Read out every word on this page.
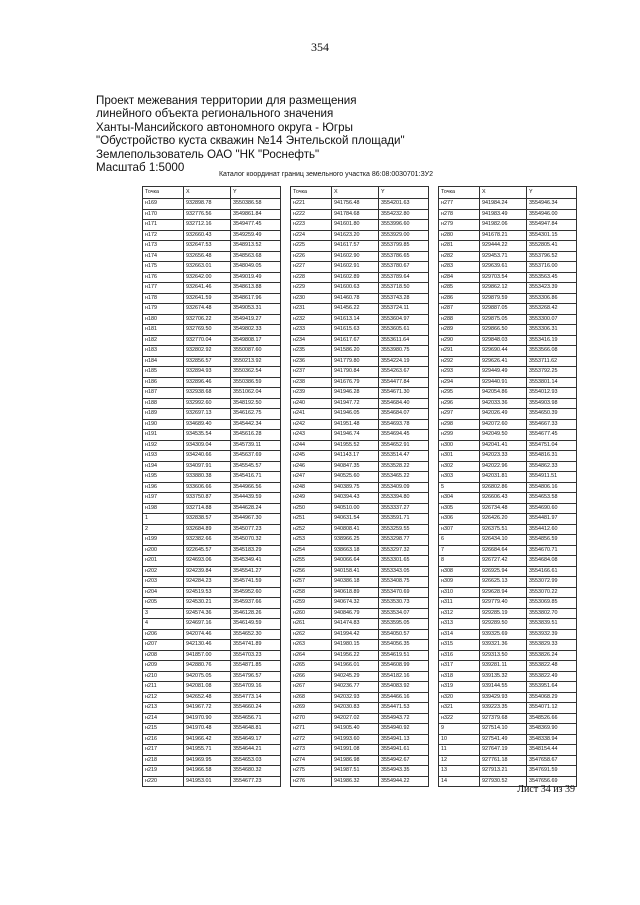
354
Проект межевания территории для размещения
линейного объекта регионального значения
Ханты-Мансийского автономного округа - Югры
"Обустройство куста скважин №14 Энтельской площади"
Землепользователь ОАО "НК "Роснефть"
Масштаб 1:5000
Каталог координат границ земельного участка 86:08:0030701:ЗУ2
Точка	X	Y
н169	932898.78	3550386.58
н170	932776.56	3549861.84
н171	932712.16	3549477.45
н172	932660.43	3549259.49
н173	932647.53	3548913.52
н174	932656.48	3548563.68
н175	932663.01	3548049.05
н176	932642.00	3549019.49
н177	932641.46	3548613.88
н178	932641.59	3548617.96
н179	932674.48	3549053.31
н180	932706.22	3549419.27
н181	932769.50	3549802.33
н182	932770.04	3549808.17
н183	932802.92	3550087.60
н184	932856.57	3550213.92
н185	932894.93	3550362.54
н186	932896.46	3550386.59
н187	932938.68	3551062.04
н188	932992.60	3548192.50
н189	932697.13	3546162.75
н190	934689.40	3545442.34
н191	934535.54	3545616.28
н192	934309.04	3545739.11
н193	934240.66	3545637.69
н194	934097.91	3545545.57
н195	933880.38	3545416.71
н196	933606.66	3544966.56
н197	933750.87	3544439.59
н198	932714.88	3544628.24
1	932838.57	3544967.30
2	932684.89	3545077.23
н199	932382.66	3545070.32
н200	922645.57	3545183.29
н201	924693.06	3545349.41
н202	924239.84	3545541.27
н203	924284.23	3545741.59
н204	924519.53	3545952.60
н205	924530.21	3545937.66
3	924574.36	3546128.26
4	924697.16	3546149.59
н206	942074.46	3554652.30
н207	942130.46	3554741.89
н208	941857.00	3554703.23
н209	942880.76	3554871.85
н210	942075.05	3554796.57
н211	942081.08	3554709.16
н212	942652.48	3554773.14
н213	941967.72	3554660.24
н214	941970.90	3554656.71
н215	941970.48	3554648.81
н216	941966.42	3554649.17
н217	941955.71	3554644.21
н218	941969.95	3554653.03
н219	941966.58	3554680.32
н220	941953.01	3554677.23
Точка	X	Y
н221	941756.48	3554201.63
н222	941784.68	3554232.80
н223	941601.80	3553996.60
н224	941623.20	3553929.00
н225	941617.57	3553799.85
н226	941602.90	3553786.65
н227	941602.91	3553780.67
н228	941602.89	3553789.64
н229	941600.63	3553718.50
н230	941460.78	3553743.28
н231	941456.22	3553724.11
н232	941613.14	3553604.97
н233	941615.63	3553605.61
н234	941617.67	3553611.64
н235	941586.20	3553980.75
н236	941779.80	3554224.19
н237	941790.84	3554263.67
н238	941676.79	3554477.84
н239	941946.28	3554671.30
н240	941947.72	3554684.40
н241	941946.05	3554684.07
н242	941951.48	3554693.78
н243	941946.74	3554694.45
н244	941955.52	3554652.91
н245	941143.17	3553514.47
н246	940847.35	3553528.22
н247	940525.60	3553465.22
н248	940389.75	3553409.09
н249	940394.43	3553394.80
н250	940510.00	3553337.27
н251	940631.54	3553591.71
н252	940808.41	3553259.55
н253	938966.25	3553298.77
н254	938663.18	3553297.32
н255	940066.64	3553301.65
н256	940158.41	3553343.05
н257	940386.18	3553408.75
н258	940618.89	3553470.69
н259	940674.32	3553530.73
н260	940846.79	3553534.07
н261	941474.83	3553595.05
н262	941994.42	3554050.57
н263	941980.15	3554056.35
н264	941956.22	3554619.51
н265	941966.01	3554608.99
н266	940245.29	3554182.16
н267	940236.77	3554083.92
н268	942032.93	3554466.16
н269	942030.83	3554471.53
н270	942027.02	3554943.72
н271	941905.40	3554940.92
н272	941993.60	3554941.13
н273	941991.08	3554941.61
н274	941986.98	3554942.67
н275	941987.51	3554943.35
н276	941986.32	3554944.22
Точка	X	Y
н277	941984.24	3554946.34
н278	941983.49	3554946.00
н279	941982.06	3554947.84
н280	941678.21	3554301.15
н281	929444.22	3552805.41
н282	929453.71	3553796.52
н283	929639.61	3553716.00
н284	929703.54	3553563.45
н285	929862.12	3553423.39
н286	929879.59	3553306.86
н287	929887.05	3553268.42
н288	929875.05	3553300.07
н289	929866.50	3553306.31
н290	929848.03	3553416.19
н291	929690.44	3553566.08
н292	929626.41	3553711.62
н293	929449.49	3553792.25
н294	929440.91	3553801.14
н295	942054.86	3554012.93
н296	942033.36	3554903.98
н297	942026.49	3554650.39
н298	942072.60	3554667.33
н299	942049.50	3554677.45
н300	942041.41	3554751.04
н301	942023.33	3554816.31
н302	942022.96	3554862.33
н303	942031.81	3554911.51
5	926802.86	3554806.16
н304	926606.43	3554653.58
н305	926734.48	3554690.60
н306	926426.20	3554481.97
н307	926375.51	3554412.60
6	926434.10	3554856.59
7	926684.64	3554670.71
8	926727.42	3554684.08
н308	926925.94	3554166.61
н309	926625.13	3553072.99
н310	929628.94	3553070.22
н311	929779.40	3553069.85
н312	929285.19	3553802.70
н313	929289.50	3553839.51
н314	939325.69	3553932.39
н315	939321.36	3553829.33
н316	929313.50	3553826.24
н317	939281.11	3553822.48
н318	939135.32	3553822.49
н319	939144.55	3553951.64
н320	939429.93	3554068.29
н321	939223.35	3554071.12
н322	927379.68	3548526.66
9	927514.10	3548369.90
10	927541.49	3548338.94
11	927647.19	3548154.44
12	927761.18	3547658.67
13	927913.21	3547691.59
14	927930.52	3547656.69
Лист 34 из 39
